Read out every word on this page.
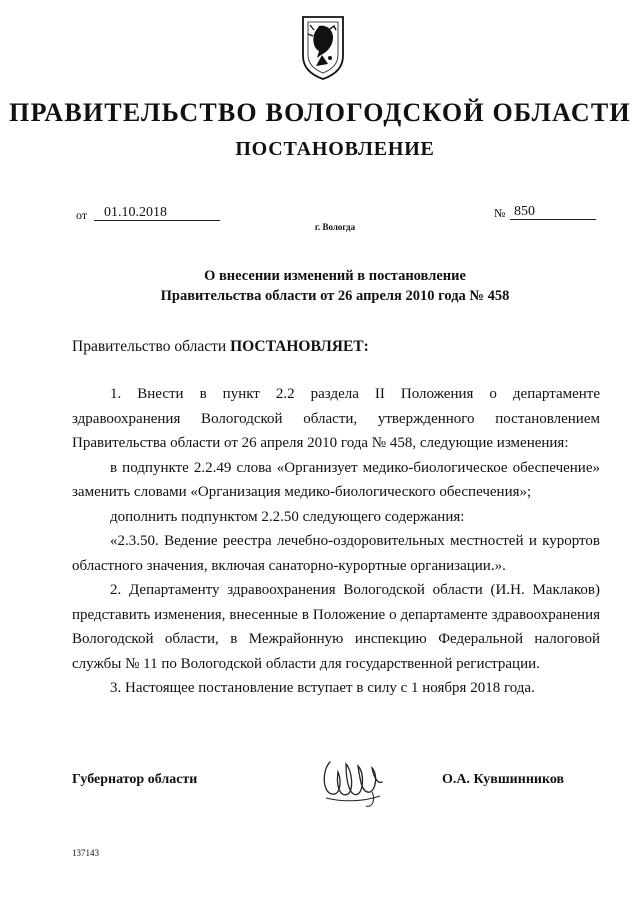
ПРАВИТЕЛЬСТВО ВОЛОГОДСКОЙ ОБЛАСТИ
ПОСТАНОВЛЕНИЕ
от	01.10.2018	№ 850
г. Вологда
О внесении изменений в постановление
Правительства области от 26 апреля 2010 года № 458
Правительство области ПОСТАНОВЛЯЕТ:
1. Внести в пункт 2.2 раздела II Положения о департаменте здравоохранения Вологодской области, утвержденного постановлением Правительства области от 26 апреля 2010 года № 458, следующие изменения:
в подпункте 2.2.49 слова «Организует медико-биологическое обеспечение» заменить словами «Организация медико-биологического обеспечения»;
дополнить подпунктом 2.2.50 следующего содержания:
«2.3.50. Ведение реестра лечебно-оздоровительных местностей и курортов областного значения, включая санаторно-курортные организации.».
2. Департаменту здравоохранения Вологодской области (И.Н. Маклаков) представить изменения, внесенные в Положение о департаменте здравоохранения Вологодской области, в Межрайонную инспекцию Федеральной налоговой службы № 11 по Вологодской области для государственной регистрации.
3. Настоящее постановление вступает в силу с 1 ноября 2018 года.
Губернатор области	О.А. Кувшинников
137143
